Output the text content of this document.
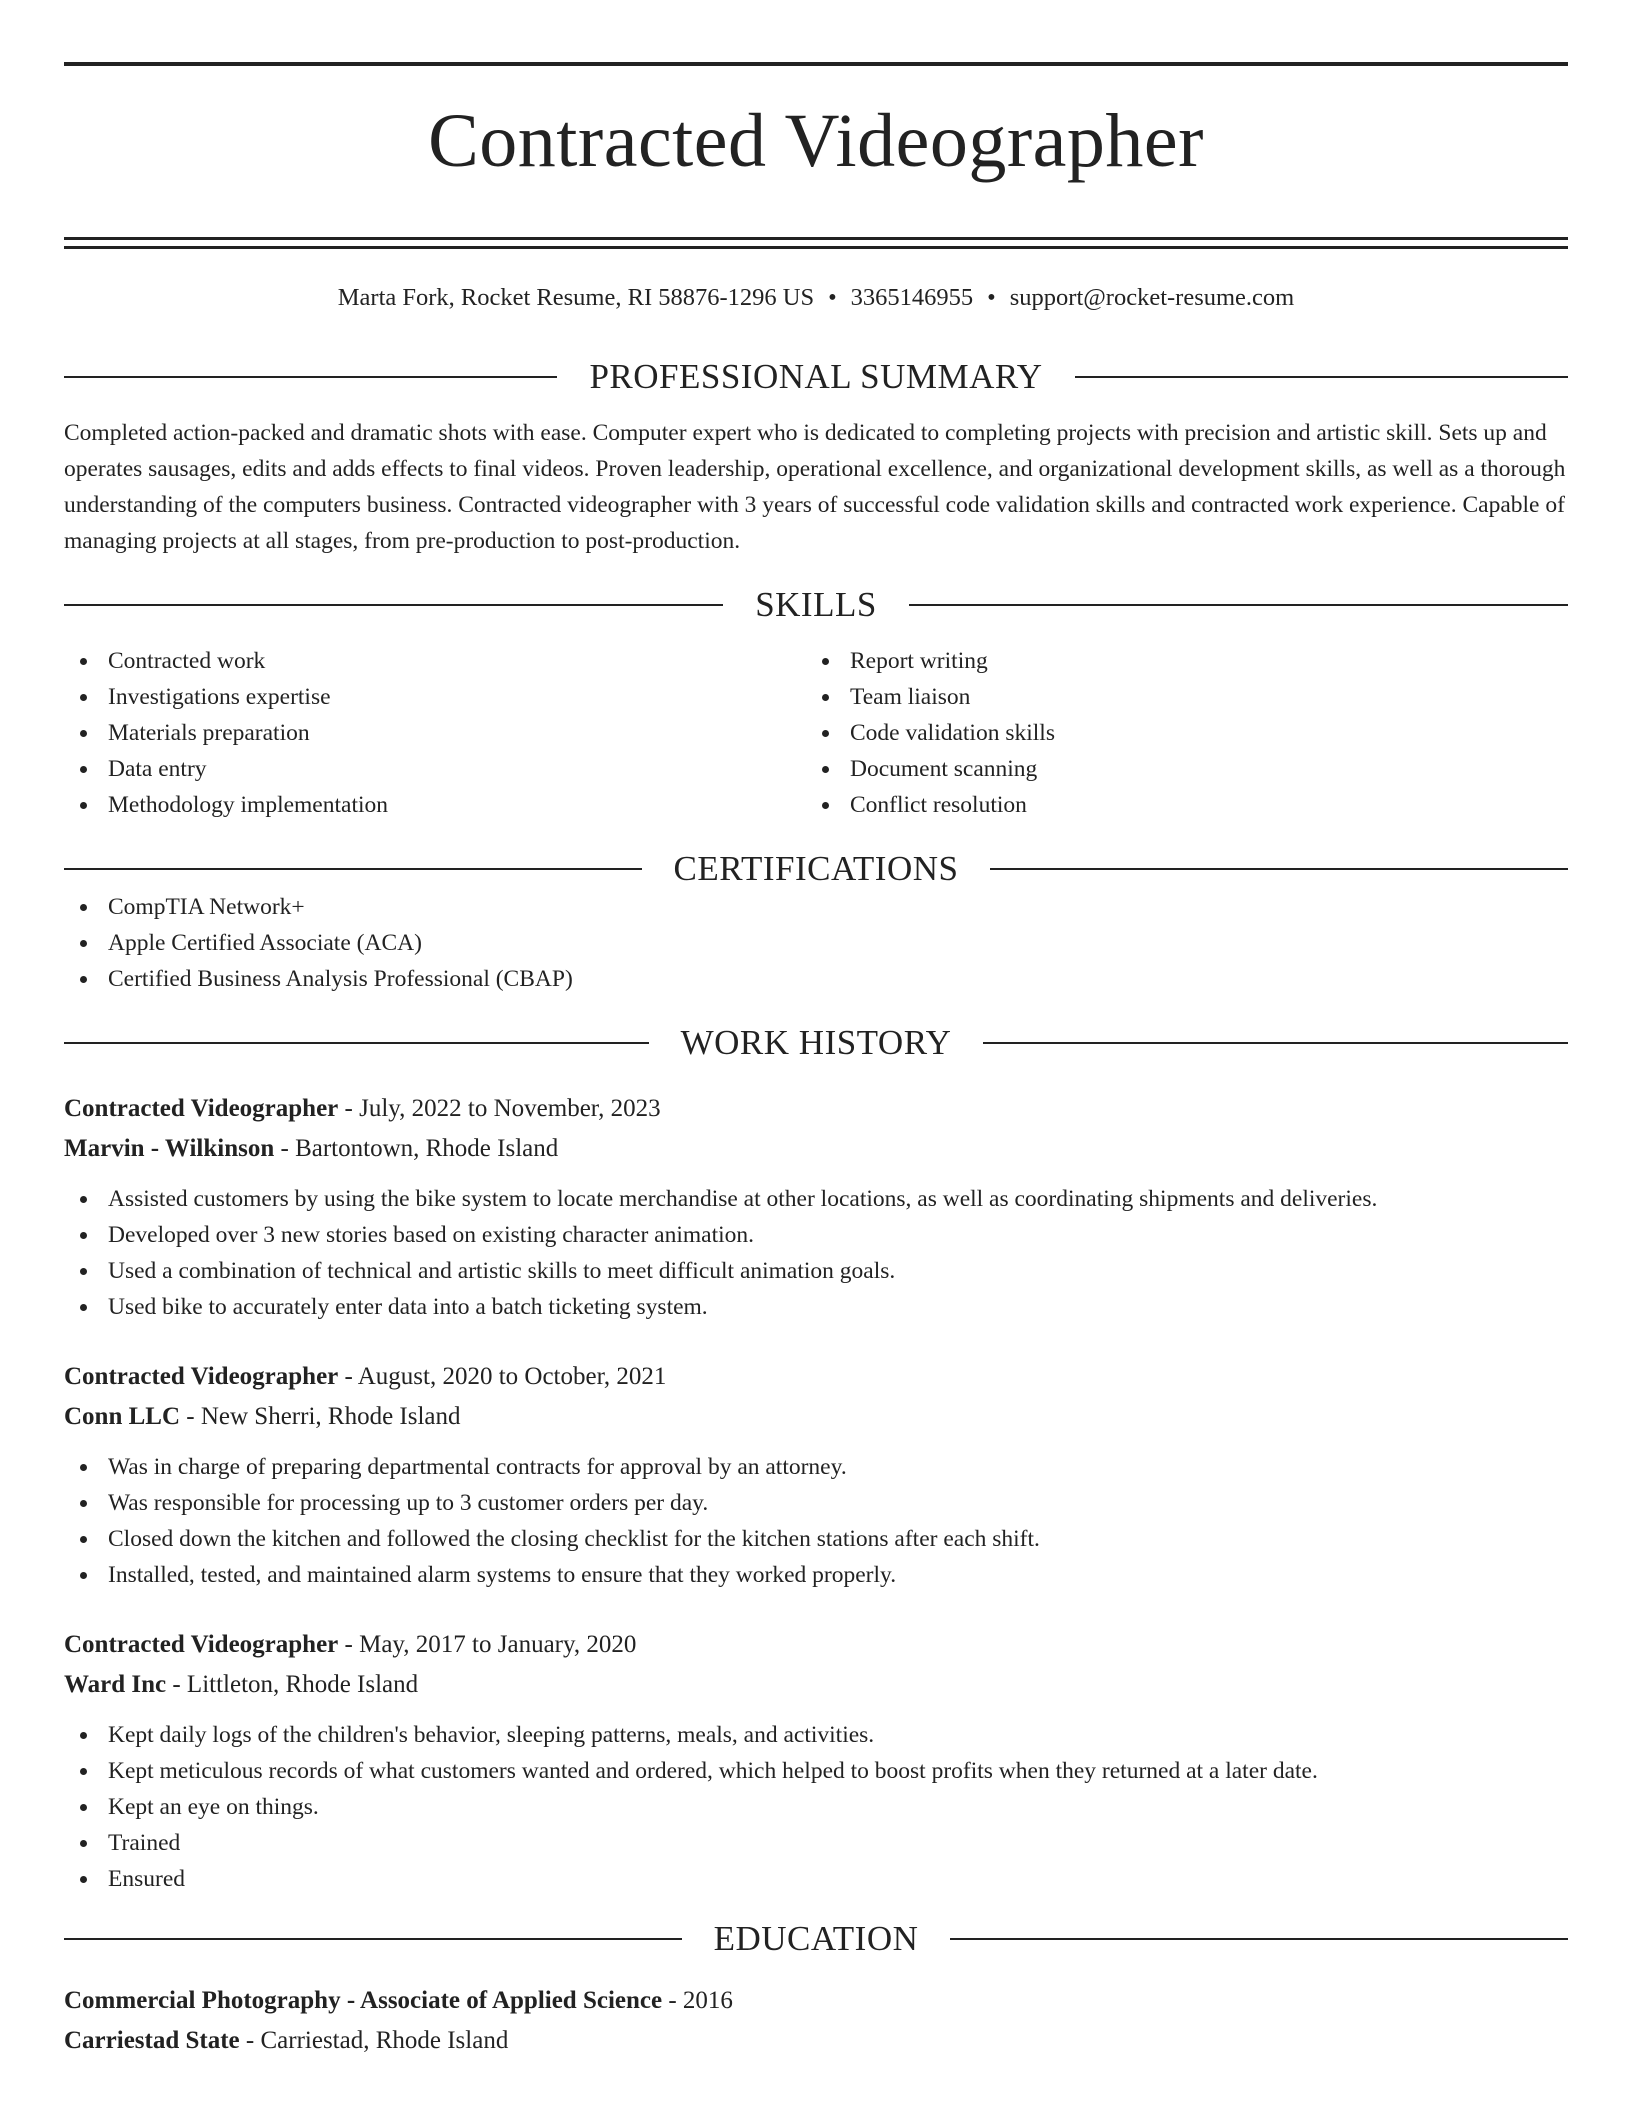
Contracted Videographer
Marta Fork, Rocket Resume, RI 58876-1296 US • 3365146955 • support@rocket-resume.com
PROFESSIONAL SUMMARY
Completed action-packed and dramatic shots with ease. Computer expert who is dedicated to completing projects with precision and artistic skill. Sets up and operates sausages, edits and adds effects to final videos. Proven leadership, operational excellence, and organizational development skills, as well as a thorough understanding of the computers business. Contracted videographer with 3 years of successful code validation skills and contracted work experience. Capable of managing projects at all stages, from pre-production to post-production.
SKILLS
Contracted work
Investigations expertise
Materials preparation
Data entry
Methodology implementation
Report writing
Team liaison
Code validation skills
Document scanning
Conflict resolution
CERTIFICATIONS
CompTIA Network+
Apple Certified Associate (ACA)
Certified Business Analysis Professional (CBAP)
WORK HISTORY
Contracted Videographer - July, 2022 to November, 2023
Marvin - Wilkinson - Bartontown, Rhode Island
Assisted customers by using the bike system to locate merchandise at other locations, as well as coordinating shipments and deliveries.
Developed over 3 new stories based on existing character animation.
Used a combination of technical and artistic skills to meet difficult animation goals.
Used bike to accurately enter data into a batch ticketing system.
Contracted Videographer - August, 2020 to October, 2021
Conn LLC - New Sherri, Rhode Island
Was in charge of preparing departmental contracts for approval by an attorney.
Was responsible for processing up to 3 customer orders per day.
Closed down the kitchen and followed the closing checklist for the kitchen stations after each shift.
Installed, tested, and maintained alarm systems to ensure that they worked properly.
Contracted Videographer - May, 2017 to January, 2020
Ward Inc - Littleton, Rhode Island
Kept daily logs of the children's behavior, sleeping patterns, meals, and activities.
Kept meticulous records of what customers wanted and ordered, which helped to boost profits when they returned at a later date.
Kept an eye on things.
Trained
Ensured
EDUCATION
Commercial Photography - Associate of Applied Science - 2016
Carriestad State - Carriestad, Rhode Island
